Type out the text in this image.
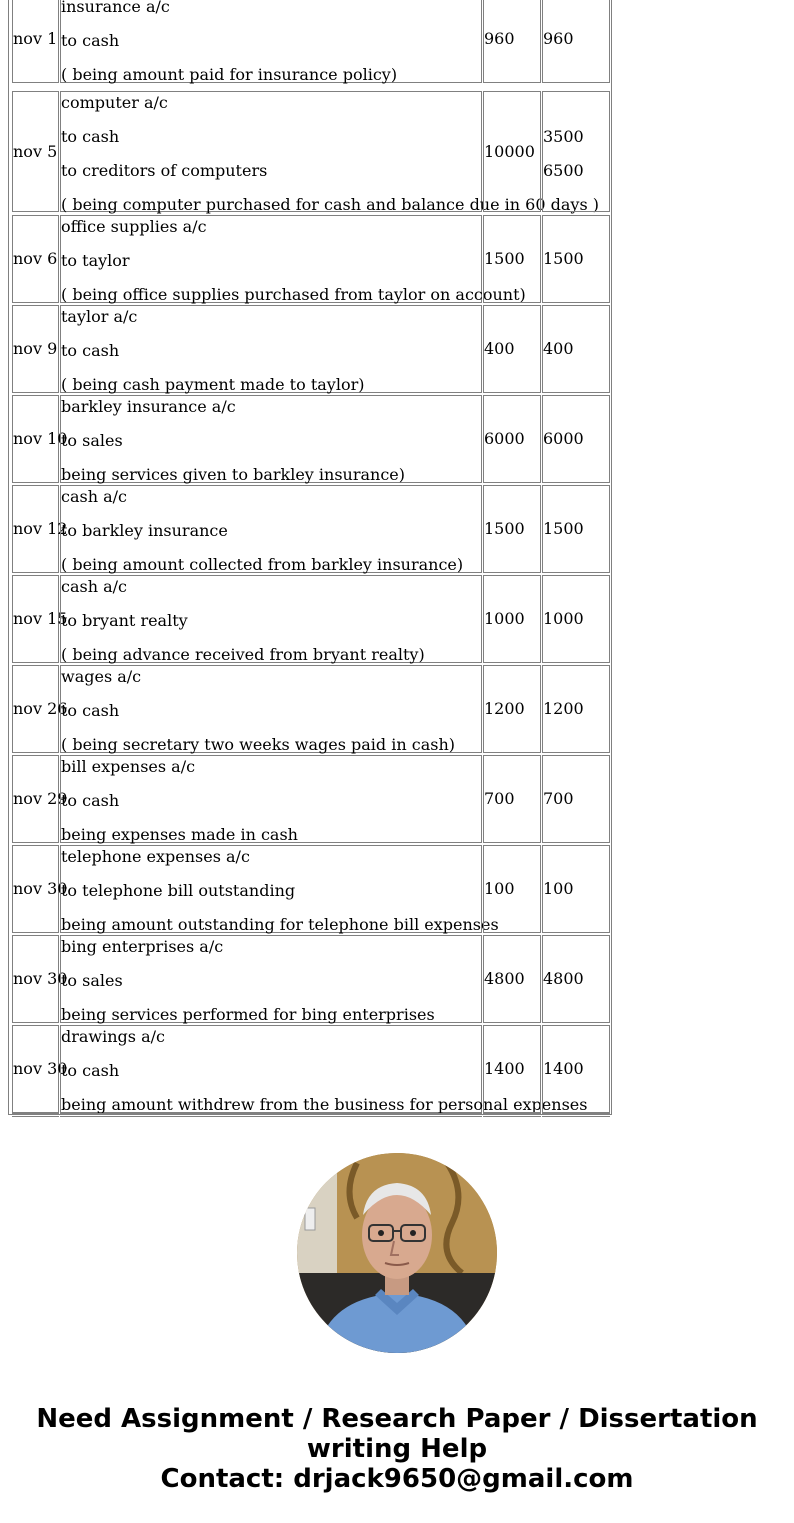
nov 1
insurance a/c
to cash
( being amount paid for insurance policy)
960 960
nov 5
computer a/c
to cash
to creditors of computers
( being computer purchased for cash and balance due in 60 days )
10000
3500
6500
nov 6
office supplies a/c
to taylor
( being office supplies purchased from taylor on account)
1500 1500
nov 9
taylor a/c
to cash
( being cash payment made to taylor)
400 400
nov 10
barkley insurance a/c
to sales
being services given to barkley insurance)
6000 6000
nov 12
cash a/c
to barkley insurance
( being amount collected from barkley insurance)
1500 1500
nov 15
cash a/c
to bryant realty
( being advance received from bryant realty)
1000 1000
nov 26
wages a/c
to cash
( being secretary two weeks wages paid in cash)
1200 1200
nov 29
bill expenses a/c
to cash
being expenses made in cash
700 700
nov 30
telephone expenses a/c
to telephone bill outstanding
being amount outstanding for telephone bill expenses
100 100
nov 30
bing enterprises a/c
to sales
being services performed for bing enterprises
4800 4800
nov 30
drawings a/c
to cash
being amount withdrew from the business for personal expenses
1400 1400
Need Assignment / Research Paper / Dissertation
writing Help
Contact: drjack9650@gmail.com
